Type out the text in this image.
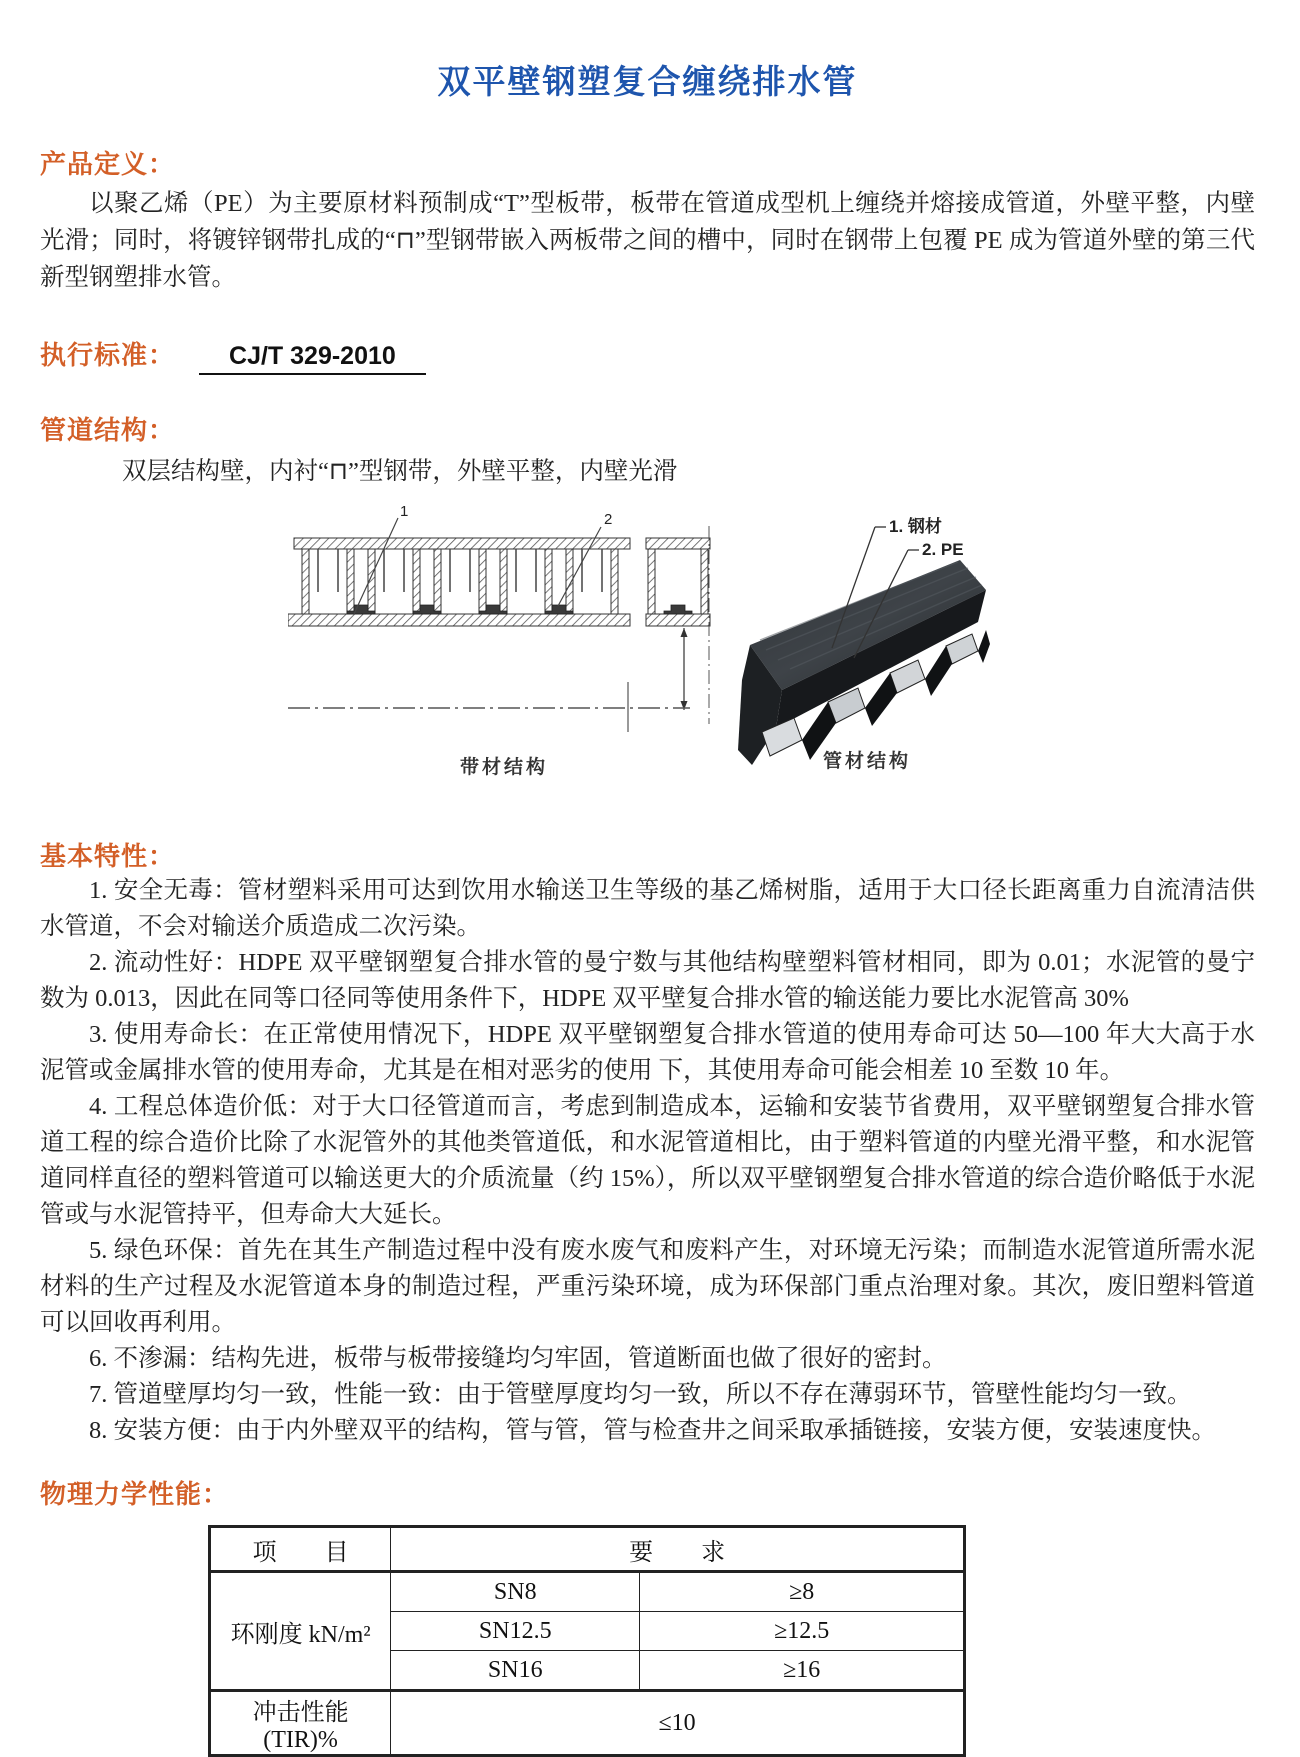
双平壁钢塑复合缠绕排水管
产品定义：

以聚乙烯（PE）为主要原材料预制成“T”型板带，板带在管道成型机上缠绕并熔接成管道，外壁平整，内壁光滑；同时，将镀锌钢带扎成的“⊓”型钢带嵌入两板带之间的槽中，同时在钢带上包覆 PE 成为管道外壁的第三代新型钢塑排水管。

执行标准：	CJ/T 329-2010
管道结构：
双层结构壁，内衬“⊓”型钢带，外壁平整，内壁光滑
1	2
带材结构
1. 钢材
2. PE
管材结构
基本特性：

1. 安全无毒：管材塑料采用可达到饮用水输送卫生等级的基乙烯树脂，适用于大口径长距离重力自流清洁供水管道，不会对输送介质造成二次污染。

2. 流动性好：HDPE 双平壁钢塑复合排水管的曼宁数与其他结构壁塑料管材相同，即为 0.01；水泥管的曼宁数为 0.013，因此在同等口径同等使用条件下，HDPE 双平壁复合排水管的输送能力要比水泥管高 30%

3. 使用寿命长：在正常使用情况下，HDPE 双平壁钢塑复合排水管道的使用寿命可达 50—100 年大大高于水泥管或金属排水管的使用寿命，尤其是在相对恶劣的使用 下，其使用寿命可能会相差 10 至数 10 年。

4. 工程总体造价低：对于大口径管道而言，考虑到制造成本，运输和安装节省费用，双平壁钢塑复合排水管道工程的综合造价比除了水泥管外的其他类管道低，和水泥管道相比，由于塑料管道的内壁光滑平整，和水泥管道同样直径的塑料管道可以输送更大的介质流量（约 15%），所以双平壁钢塑复合排水管道的综合造价略低于水泥管或与水泥管持平，但寿命大大延长。

5. 绿色环保：首先在其生产制造过程中没有废水废气和废料产生，对环境无污染；而制造水泥管道所需水泥材料的生产过程及水泥管道本身的制造过程，严重污染环境，成为环保部门重点治理对象。其次，废旧塑料管道可以回收再利用。

6. 不渗漏：结构先进，板带与板带接缝均匀牢固，管道断面也做了很好的密封。

7. 管道壁厚均匀一致，性能一致：由于管壁厚度均匀一致，所以不存在薄弱环节，管壁性能均匀一致。

8. 安装方便：由于内外壁双平的结构，管与管，管与检查井之间采取承插链接，安装方便，安装速度快。

物理力学性能：
项　　目	要　　求	
环刚度 kN/m²	SN8	≥8
	SN12.5	≥12.5
	SN16	≥16
冲击性能(TIR)%	≤10	
